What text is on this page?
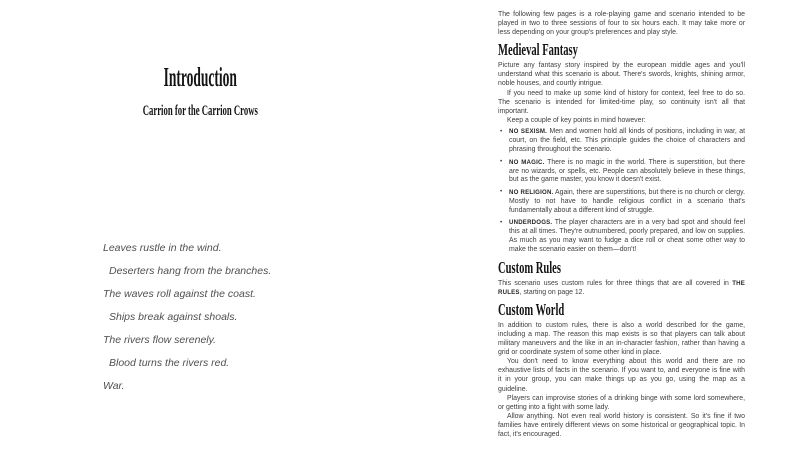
Introduction
Carrion for the Carrion Crows

Leaves rustle in the wind.

Deserters hang from the branches.

The waves roll against the coast.

Ships break against shoals.

The rivers flow serenely.

Blood turns the rivers red.

War.

The following few pages is a role-playing game and scenario intended to be played in two to three sessions of four to six hours each. It may take more or less depending on your group's preferences and play style.

Medieval Fantasy

Picture any fantasy story inspired by the european middle ages and you'll understand what this scenario is about. There's swords, knights, shining armor, noble houses, and courtly intrigue.

If you need to make up some kind of history for context, feel free to do so. The scenario is intended for limited-time play, so continuity isn't all that important.

Keep a couple of key points in mind however:

• NO SEXISM. Men and women hold all kinds of positions, including in war, at court, on the field, etc. This principle guides the choice of characters and phrasing throughout the scenario.
• NO MAGIC. There is no magic in the world. There is superstition, but there are no wizards, or spells, etc. People can absolutely believe in these things, but as the game master, you know it doesn't exist.
• NO RELIGION. Again, there are superstitions, but there is no church or clergy. Mostly to not have to handle religious conflict in a scenario that's fundamentally about a different kind of struggle.
• UNDERDOGS. The player characters are in a very bad spot and should feel this at all times. They're outnumbered, poorly prepared, and low on supplies. As much as you may want to fudge a dice roll or cheat some other way to make the scenario easier on them—don't!
Custom Rules

This scenario uses custom rules for three things that are all covered in THE RULES, starting on page 12.

Custom World

In addition to custom rules, there is also a world described for the game, including a map. The reason this map exists is so that players can talk about military maneuvers and the like in an in-character fashion, rather than having a grid or coordinate system of some other kind in place.

You don't need to know everything about this world and there are no exhaustive lists of facts in the scenario. If you want to, and everyone is fine with it in your group, you can make things up as you go, using the map as a guideline.

Players can improvise stories of a drinking binge with some lord somewhere, or getting into a fight with some lady.

Allow anything. Not even real world history is consistent. So it's fine if two families have entirely different views on some historical or geographical topic. In fact, it's encouraged.
